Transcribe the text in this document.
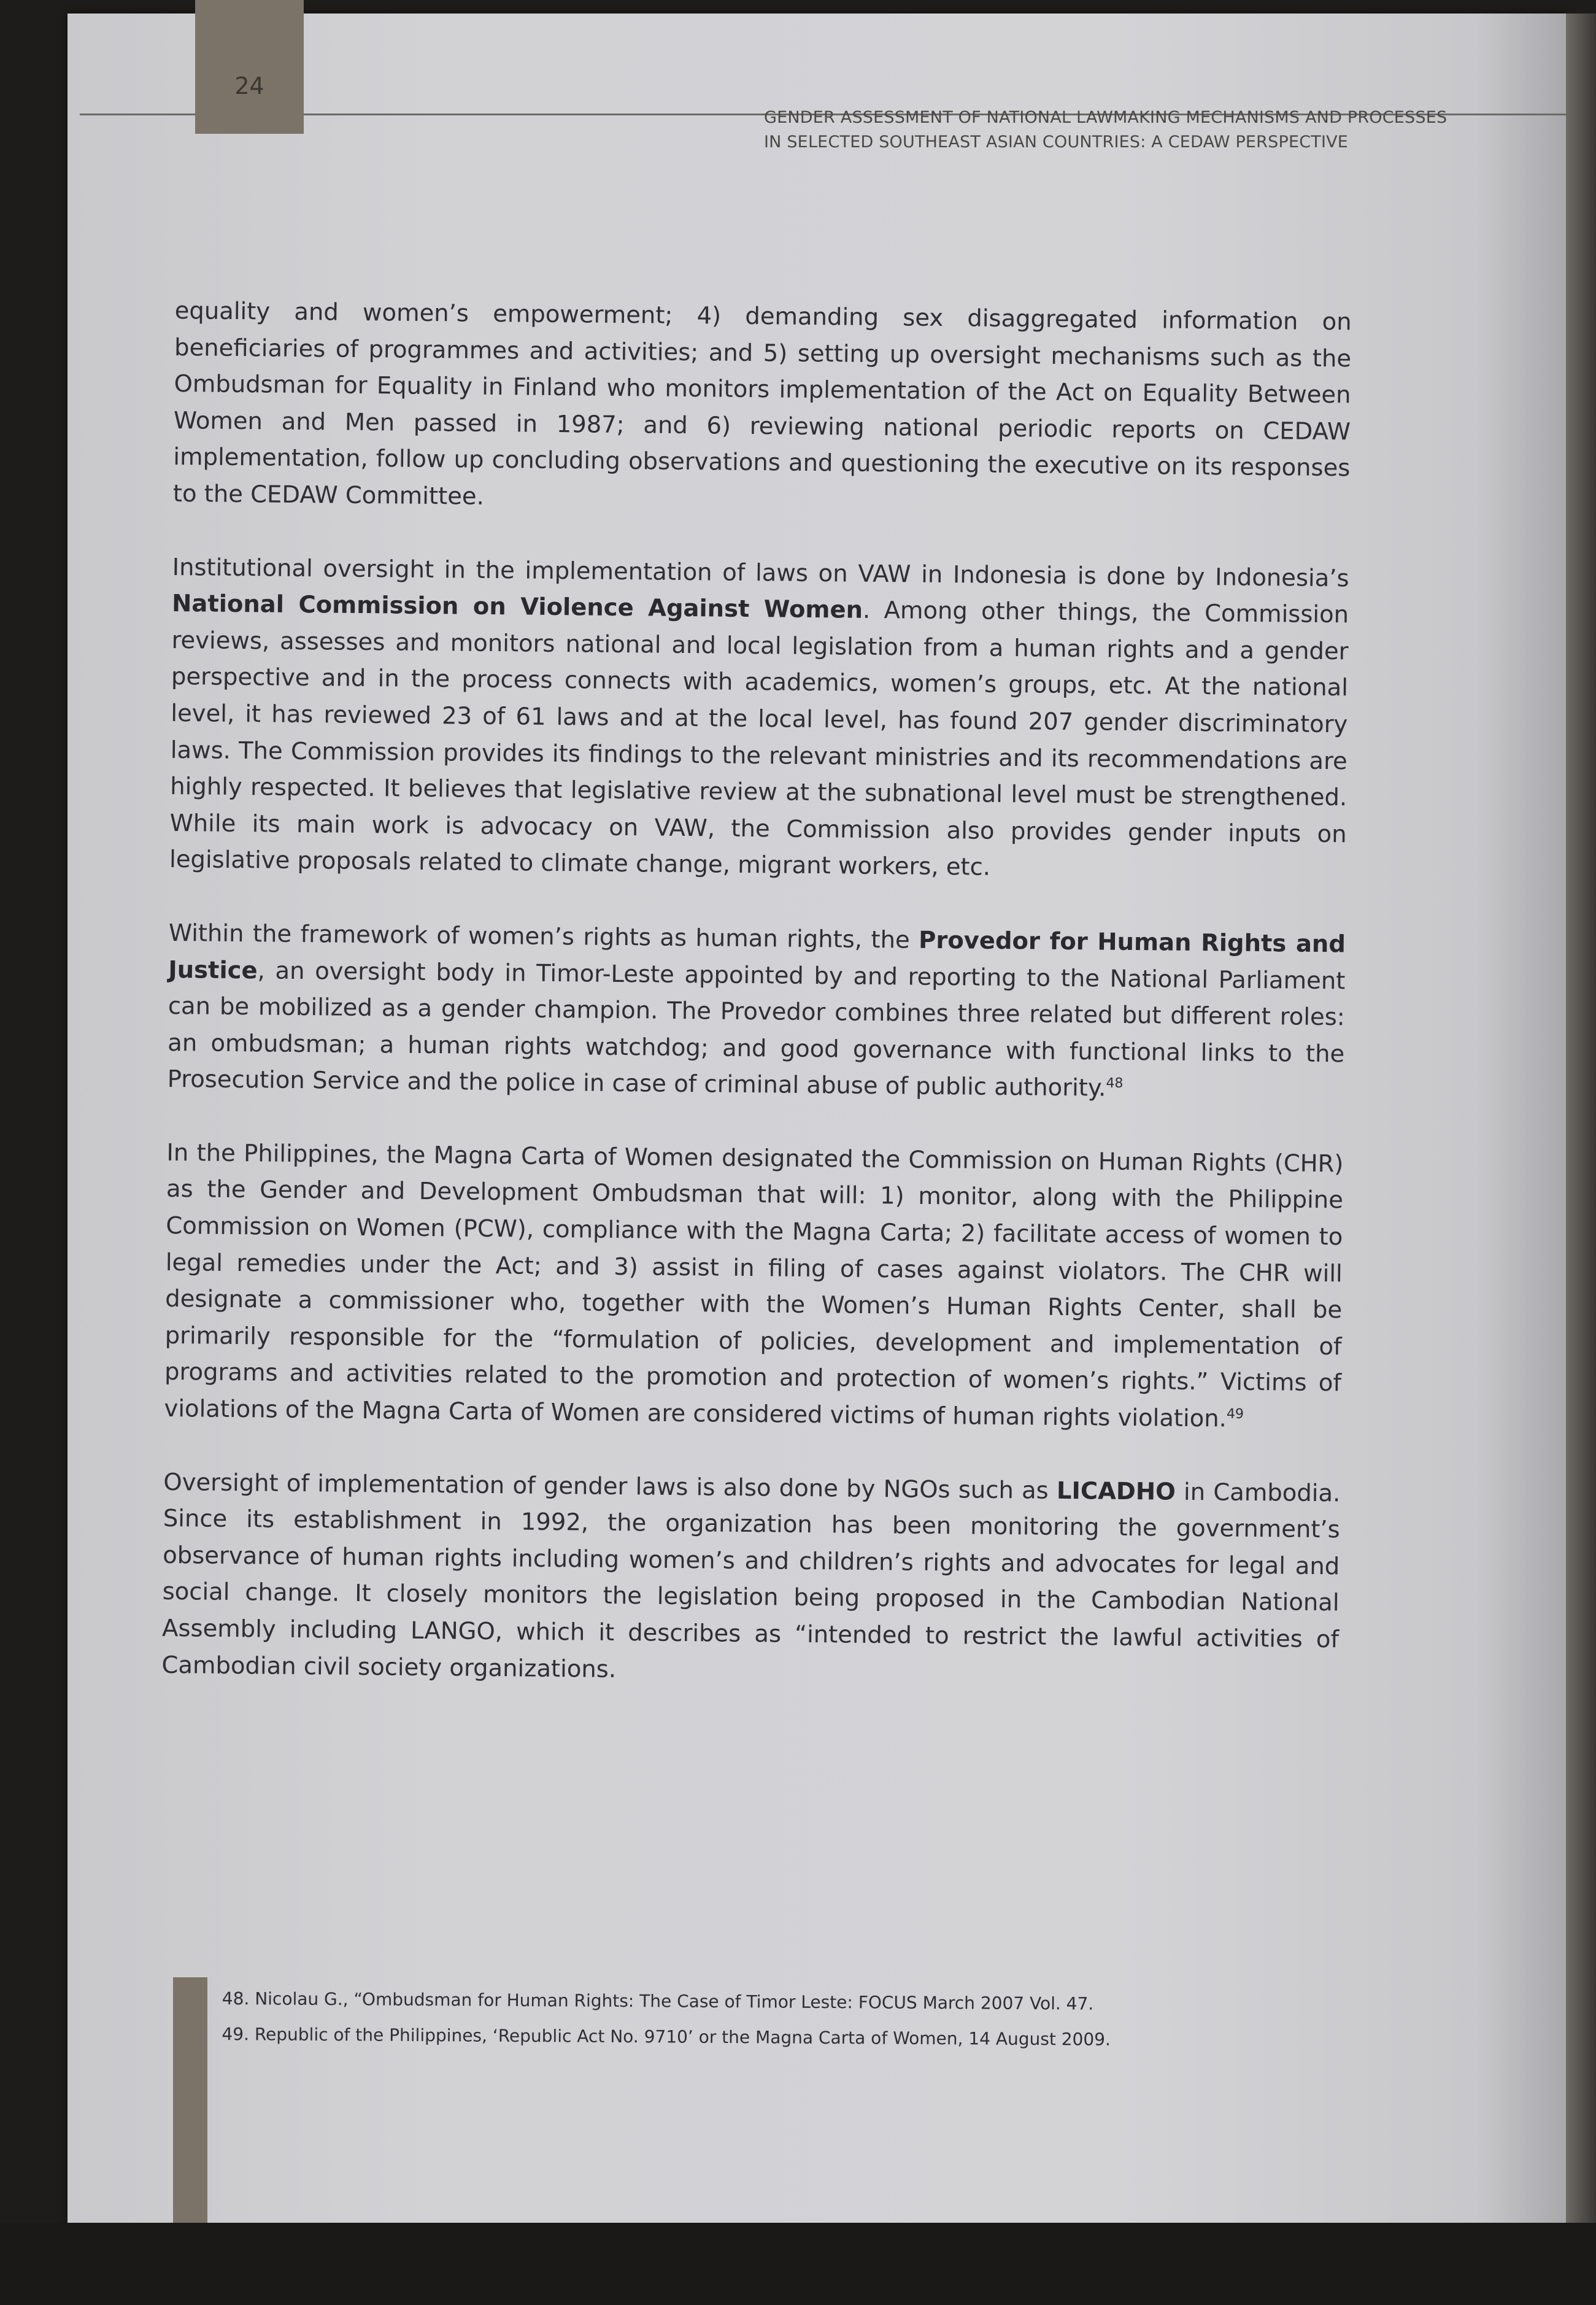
GENDER ASSESSMENT OF NATIONAL LAWMAKING MECHANISMS AND PROCESSES
IN SELECTED SOUTHEAST ASIAN COUNTRIES: A CEDAW PERSPECTIVE
24

equality and women’s empowerment; 4) demanding sex disaggregated information on beneficiaries of programmes and activities; and 5) setting up oversight mechanisms such as the Ombudsman for Equality in Finland who monitors implementation of the Act on Equality Between Women and Men passed in 1987; and 6) reviewing national periodic reports on CEDAW implementation, follow up concluding observations and questioning the executive on its responses to the CEDAW Committee.

Institutional oversight in the implementation of laws on VAW in Indonesia is done by Indonesia’s National Commission on Violence Against Women. Among other things, the Commission reviews, assesses and monitors national and local legislation from a human rights and a gender perspective and in the process connects with academics, women’s groups, etc. At the national level, it has reviewed 23 of 61 laws and at the local level, has found 207 gender discriminatory laws. The Commission provides its findings to the relevant ministries and its recommendations are highly respected. It believes that legislative review at the subnational level must be strengthened. While its main work is advocacy on VAW, the Commission also provides gender inputs on legislative proposals related to climate change, migrant workers, etc.

Within the framework of women’s rights as human rights, the Provedor for Human Rights and Justice, an oversight body in Timor-Leste appointed by and reporting to the National Parliament can be mobilized as a gender champion. The Provedor combines three related but different roles: an ombudsman; a human rights watchdog; and good governance with functional links to the Prosecution Service and the police in case of criminal abuse of public authority.$^{48}$

In the Philippines, the Magna Carta of Women designated the Commission on Human Rights (CHR) as the Gender and Development Ombudsman that will: 1) monitor, along with the Philippine Commission on Women (PCW), compliance with the Magna Carta; 2) facilitate access of women to legal remedies under the Act; and 3) assist in filing of cases against violators. The CHR will designate a commissioner who, together with the Women’s Human Rights Center, shall be primarily responsible for the “formulation of policies, development and implementation of programs and activities related to the promotion and protection of women’s rights.” Victims of violations of the Magna Carta of Women are considered victims of human rights violation.$^{49}$

Oversight of implementation of gender laws is also done by NGOs such as LICADHO in Cambodia. Since its establishment in 1992, the organization has been monitoring the government’s observance of human rights including women’s and children’s rights and advocates for legal and social change. It closely monitors the legislation being proposed in the Cambodian National Assembly including LANGO, which it describes as “intended to restrict the lawful activities of Cambodian civil society organizations.

48. Nicolau G., “Ombudsman for Human Rights: The Case of Timor Leste: FOCUS March 2007 Vol. 47.
49. Republic of the Philippines, ‘Republic Act No. 9710’ or the Magna Carta of Women, 14 August 2009.
